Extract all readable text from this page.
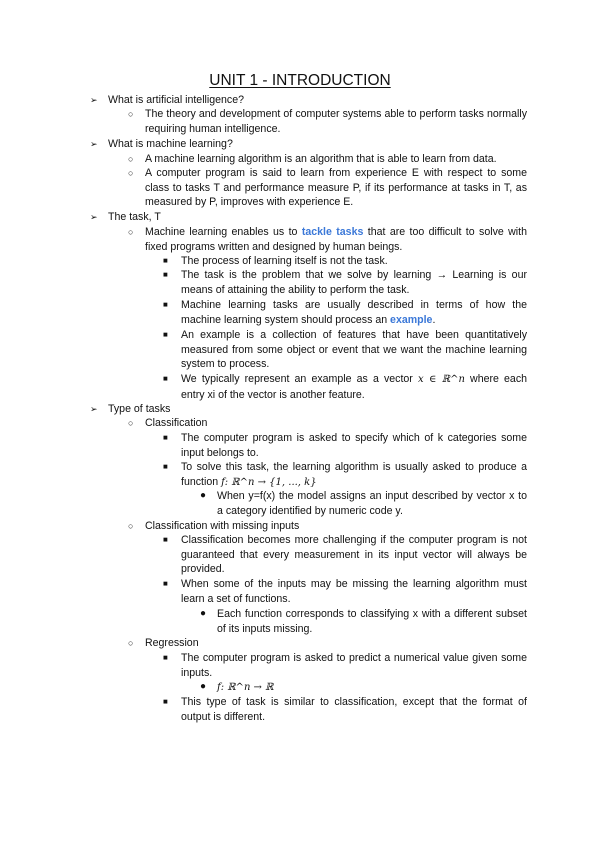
UNIT 1 - INTRODUCTION
➢ What is artificial intelligence?
○ The theory and development of computer systems able to perform tasks normally requiring human intelligence.
➢ What is machine learning?
○ A machine learning algorithm is an algorithm that is able to learn from data.
○ A computer program is said to learn from experience E with respect to some class to tasks T and performance measure P, if its performance at tasks in T, as measured by P, improves with experience E.
➢ The task, T
○ Machine learning enables us to tackle tasks that are too difficult to solve with fixed programs written and designed by human beings.
■ The process of learning itself is not the task.
■ The task is the problem that we solve by learning → Learning is our means of attaining the ability to perform the task.
■ Machine learning tasks are usually described in terms of how the machine learning system should process an example.
■ An example is a collection of features that have been quantitatively measured from some object or event that we want the machine learning system to process.
■ We typically represent an example as a vector x ∈ ℝ^n where each entry xi of the vector is another feature.
➢ Type of tasks
○ Classification
■ The computer program is asked to specify which of k categories some input belongs to.
■ To solve this task, the learning algorithm is usually asked to produce a function f: ℝ^n → {1, ..., k}
● When y=f(x) the model assigns an input described by vector x to a category identified by numeric code y.
○ Classification with missing inputs
■ Classification becomes more challenging if the computer program is not guaranteed that every measurement in its input vector will always be provided.
■ When some of the inputs may be missing the learning algorithm must learn a set of functions.
● Each function corresponds to classifying x with a different subset of its inputs missing.
○ Regression
■ The computer program is asked to predict a numerical value given some inputs.
● f: ℝ^n → ℝ
■ This type of task is similar to classification, except that the format of output is different.
